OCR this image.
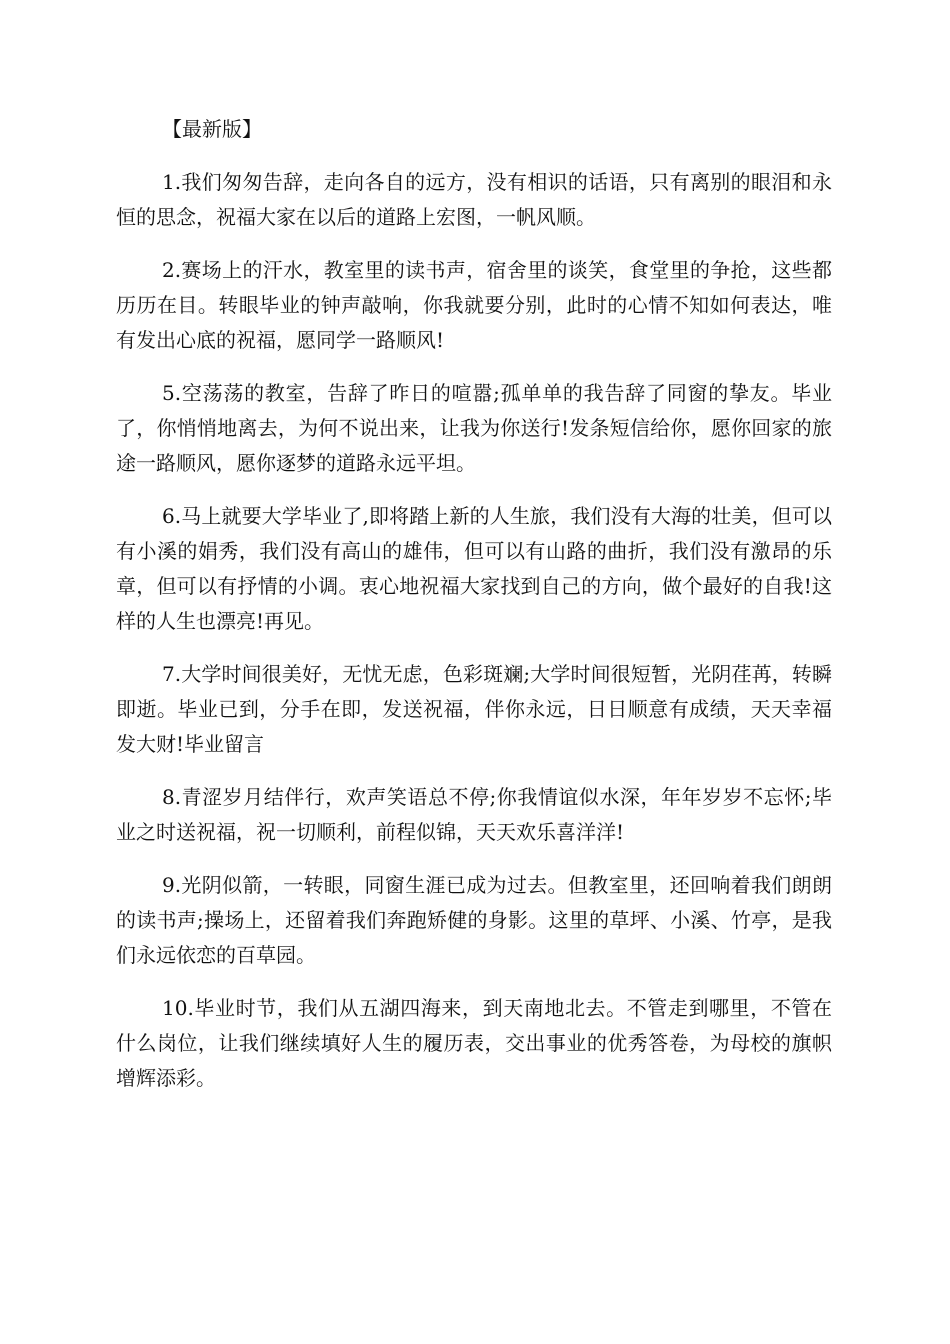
【最新版】

1.我们匆匆告辞，走向各自的远方，没有相识的话语，只有离别的眼泪和永恒的思念，祝福大家在以后的道路上宏图，一帆风顺。

2.赛场上的汗水，教室里的读书声，宿舍里的谈笑，食堂里的争抢，这些都历历在目。转眼毕业的钟声敲响，你我就要分别，此时的心情不知如何表达，唯有发出心底的祝福，愿同学一路顺风!

5.空荡荡的教室，告辞了昨日的喧嚣;孤单单的我告辞了同窗的挚友。毕业了，你悄悄地离去，为何不说出来，让我为你送行!发条短信给你，愿你回家的旅途一路顺风，愿你逐梦的道路永远平坦。

6.马上就要大学毕业了,即将踏上新的人生旅，我们没有大海的壮美，但可以有小溪的娟秀，我们没有高山的雄伟，但可以有山路的曲折，我们没有激昂的乐章，但可以有抒情的小调。衷心地祝福大家找到自己的方向，做个最好的自我!这样的人生也漂亮!再见。

7.大学时间很美好，无忧无虑，色彩斑斓;大学时间很短暂，光阴荏苒，转瞬即逝。毕业已到，分手在即，发送祝福，伴你永远，日日顺意有成绩，天天幸福发大财!毕业留言

8.青涩岁月结伴行，欢声笑语总不停;你我情谊似水深，年年岁岁不忘怀;毕业之时送祝福，祝一切顺利，前程似锦，天天欢乐喜洋洋!

9.光阴似箭，一转眼，同窗生涯已成为过去。但教室里，还回响着我们朗朗的读书声;操场上，还留着我们奔跑矫健的身影。这里的草坪、小溪、竹亭，是我们永远依恋的百草园。

10.毕业时节，我们从五湖四海来，到天南地北去。不管走到哪里，不管在什么岗位，让我们继续填好人生的履历表，交出事业的优秀答卷，为母校的旗帜增辉添彩。
